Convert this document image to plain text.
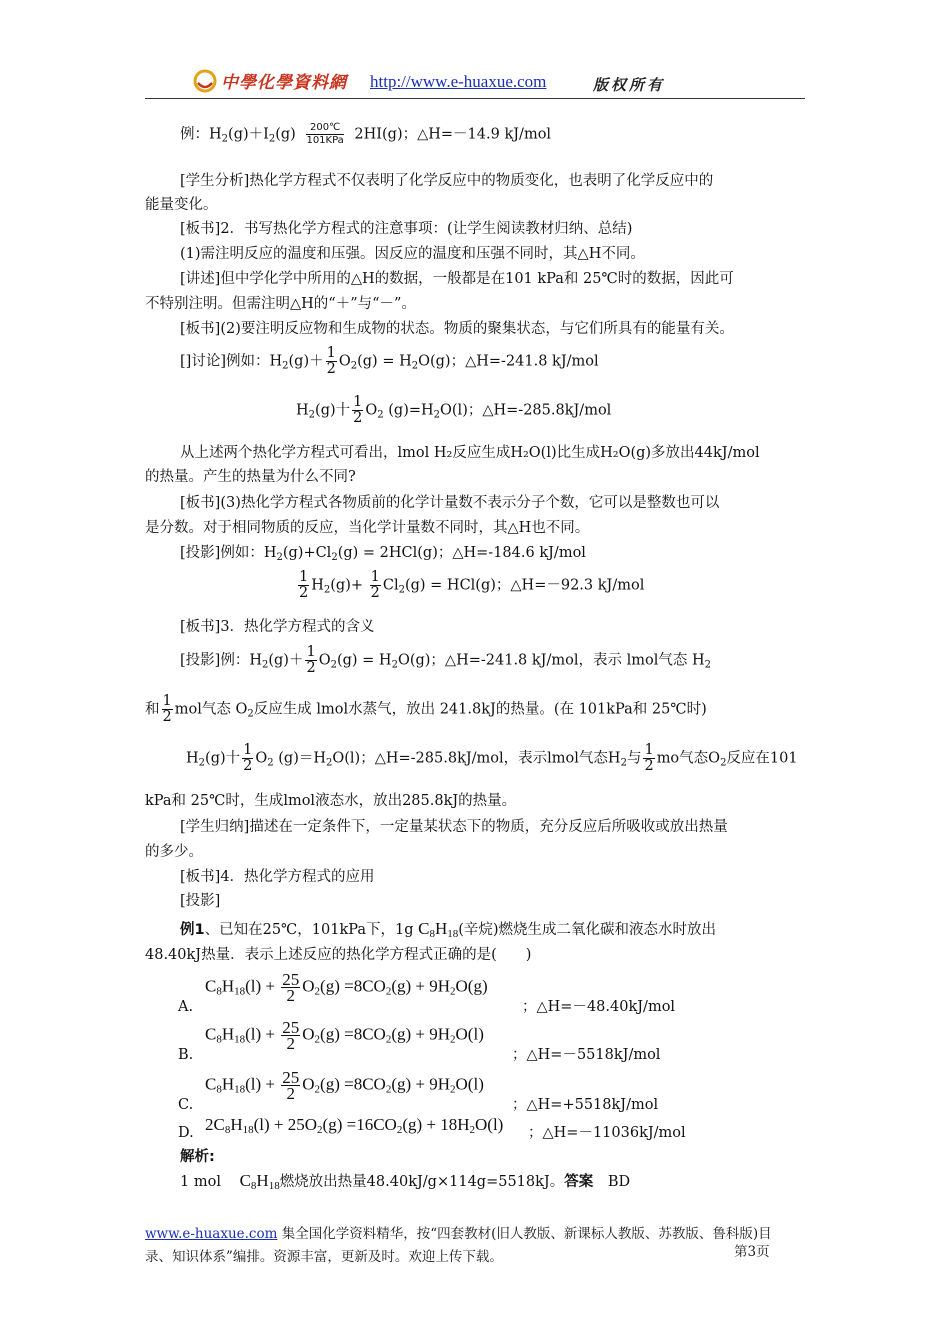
中學化學資料網 http://www.e-huaxue.com	版权所有
例：$H_2(g)+I_2(g)$	200℃
101KPa 2HI(g)；△H=－14.9 kJ/mol
[学生分析]热化学方程式不仅表明了化学反应中的物质变化，也表明了化学反应中的
能量变化。
[板书]2．书写热化学方程式的注意事项：(让学生阅读教材归纳、总结)
(1)需注明反应的温度和压强。因反应的温度和压强不同时，其△H不同。
[讲述]但中学化学中所用的△H的数据，一般都是在101 kPa和 25℃时的数据，因此可
不特别注明。但需注明△H的“＋”与“－”。
[板书](2)要注明反应物和生成物的状态。物质的聚集状态，与它们所具有的能量有关。
[]讨论]例如：$H_2(g)+ \frac{1}{2} O_2(g) = H_2O(g)$；△H=-241.8 kJ/mol
$H_2(g)$十 $\frac{1}{2} O_2$ $(g)=H_2O(l)$；△H=-285.8kJ/mol
从上述两个热化学方程式可看出，lmol H₂反应生成H₂O(l)比生成H₂O(g)多放出44kJ/mol
的热量。产生的热量为什么不同?
[板书](3)热化学方程式各物质前的化学计量数不表示分子个数，它可以是整数也可以
是分数。对于相同物质的反应，当化学计量数不同时，其△H也不同。
[投影]例如：$H_2(g)+Cl_2(g) = 2HCl(g)$；△H=-184.6 kJ/mol
$\frac{1}{2} H_2(g)+ \frac{1}{2} Cl_2(g) = HCl(g)$；△H=－92.3 kJ/mol
[板书]3．热化学方程式的含义
[投影]例：$H_2(g)+ \frac{1}{2} O_2(g) = H_2O(g)$；△H=-241.8 kJ/mol，表示 lmol气态 $H_2$
和 $\frac{1}{2}$ mol气态 $O_2$反应生成 lmol水蒸气，放出 241.8kJ的热量。(在 101kPa和 25℃时)
$H_2(g)$十 $\frac{1}{2} O_2$ $(g)=H_2O(l)$；△H=-285.8kJ/mol，表示lmol气态$H_2$与 $\frac{1}{2}$ mo气态$O_2$反应在101
kPa和 25℃时，生成lmol液态水，放出285.8kJ的热量。
[学生归纳]描述在一定条件下，一定量某状态下的物质，充分反应后所吸收或放出热量
的多少。
[板书]4．热化学方程式的应用
[投影]
例1、已知在25℃，101kPa下，1g $C_8H_{18}$(辛烷)燃烧生成二氧化碳和液态水时放出
48.40kJ热量．表示上述反应的热化学方程式正确的是(　　)
A.
$C_8H_{18}(l) + \frac{25}{2} O_2(g) =8CO_2(g) + 9H_2O(g)$
；△H=－48.40kJ/mol
B.
$C_8H_{18}(l) + \frac{25}{2} O_2(g) =8CO_2(g) + 9H_2O(l)$
；△H=－5518kJ/mol
C.
$C_8H_{18}(l) + \frac{25}{2} O_2(g) =8CO_2(g) + 9H_2O(l)$
；△H=+5518kJ/mol
D. $2C_8H_{18}(l) + 25O_2(g) =16CO_2(g) + 18H_2O(l)$ ；△H=－11036kJ/mol
解析:
1 mol $C_8H_{18}$燃烧放出热量48.40kJ/g×114g=5518kJ。答案 BD
www.e-huaxue.com 集全国化学资料精华，按“四套教材(旧人教版、新课标人教版、苏教版、鲁科版)目
录、知识体系”编排。资源丰富，更新及时。欢迎上传下载。	第3页
